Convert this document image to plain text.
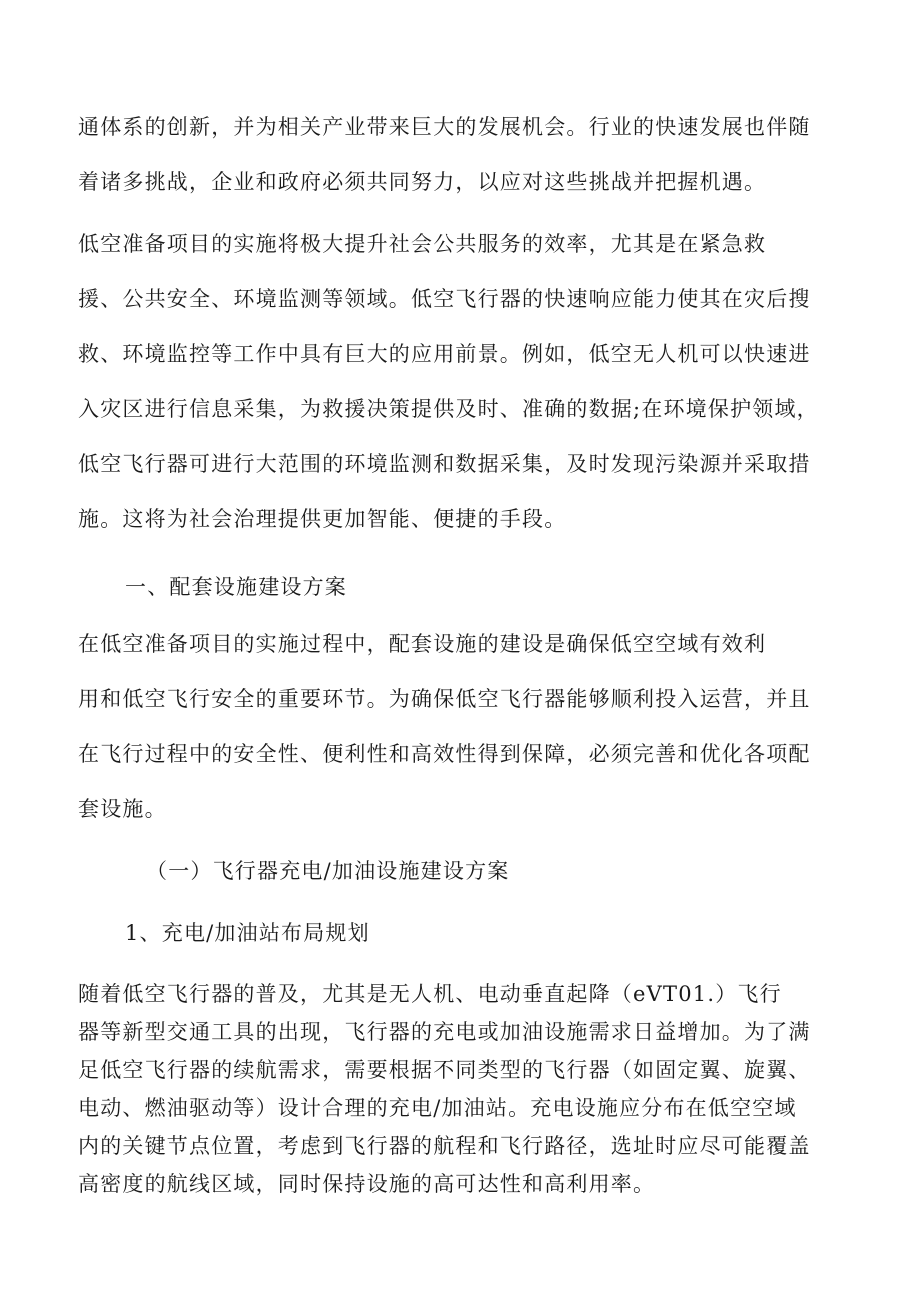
通体系的创新，并为相关产业带来巨大的发展机会。行业的快速发展也伴随
着诸多挑战，企业和政府必须共同努力，以应对这些挑战并把握机遇。
低空准备项目的实施将极大提升社会公共服务的效率，尤其是在紧急救
援、公共安全、环境监测等领域。低空飞行器的快速响应能力使其在灾后搜
救、环境监控等工作中具有巨大的应用前景。例如，低空无人机可以快速进
入灾区进行信息采集，为救援决策提供及时、准确的数据;在环境保护领域，
低空飞行器可进行大范围的环境监测和数据采集，及时发现污染源并采取措
施。这将为社会治理提供更加智能、便捷的手段。
一、配套设施建设方案
在低空准备项目的实施过程中，配套设施的建设是确保低空空域有效利
用和低空飞行安全的重要环节。为确保低空飞行器能够顺利投入运营，并且
在飞行过程中的安全性、便利性和高效性得到保障，必须完善和优化各项配
套设施。
（一）飞行器充电/加油设施建设方案
1、充电/加油站布局规划
随着低空飞行器的普及，尤其是无人机、电动垂直起降（eVT01.）飞行
器等新型交通工具的出现，飞行器的充电或加油设施需求日益增加。为了满
足低空飞行器的续航需求，需要根据不同类型的飞行器（如固定翼、旋翼、
电动、燃油驱动等）设计合理的充电/加油站。充电设施应分布在低空空域
内的关键节点位置，考虑到飞行器的航程和飞行路径，选址时应尽可能覆盖
高密度的航线区域，同时保持设施的高可达性和高利用率。
